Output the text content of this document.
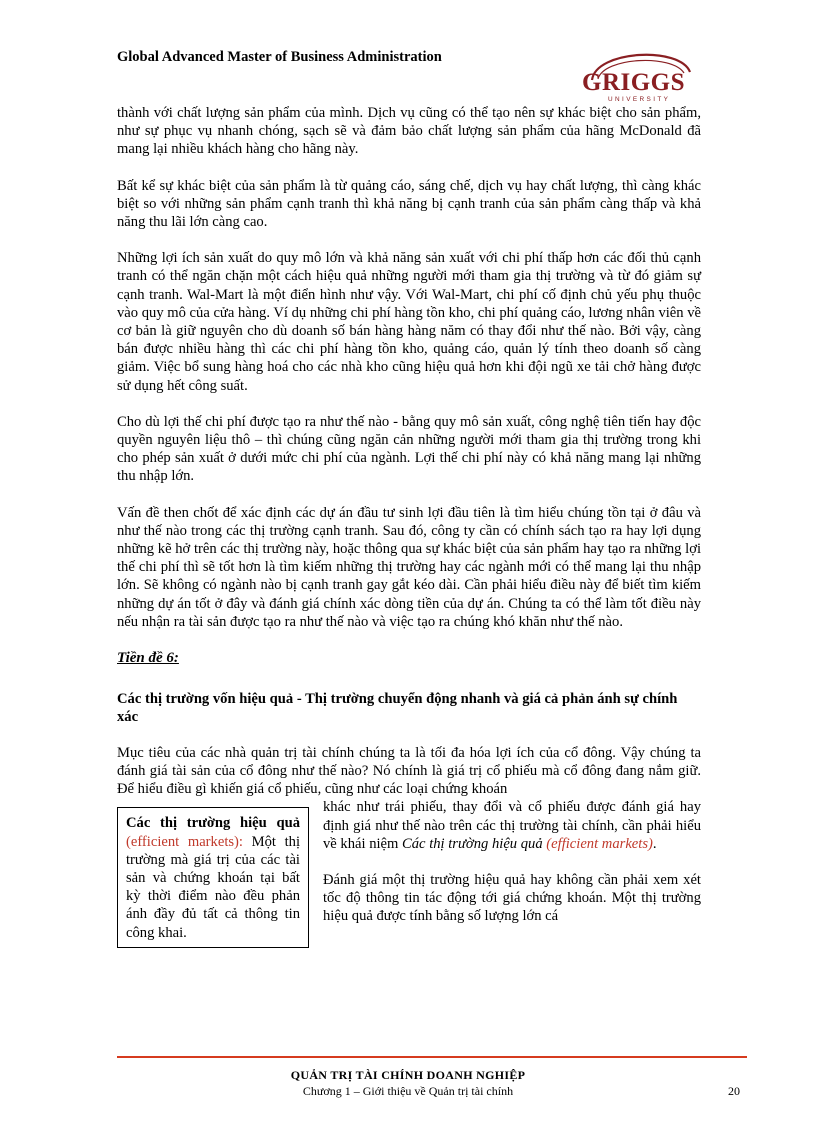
Global Advanced Master of Business Administration
GRIGGS
UNIVERSITY

thành với chất lượng sản phẩm của mình. Dịch vụ cũng có thể tạo nên sự khác biệt cho sản phẩm, như sự phục vụ nhanh chóng, sạch sẽ và đảm bảo chất lượng sản phẩm của hãng McDonald đã mang lại nhiều khách hàng cho hãng này.

Bất kể sự khác biệt của sản phẩm là từ quảng cáo, sáng chế, dịch vụ hay chất lượng, thì càng khác biệt so với những sản phẩm cạnh tranh thì khả năng bị cạnh tranh của sản phẩm càng thấp và khả năng thu lãi lớn càng cao.

Những lợi ích sản xuất do quy mô lớn và khả năng sản xuất với chi phí thấp hơn các đối thủ cạnh tranh có thể ngăn chặn một cách hiệu quả những người mới tham gia thị trường và từ đó giảm sự cạnh tranh. Wal-Mart là một điển hình như vậy. Với Wal-Mart, chi phí cố định chủ yếu phụ thuộc vào quy mô của cửa hàng. Ví dụ những chi phí hàng tồn kho, chi phí quảng cáo, lương nhân viên về cơ bản là giữ nguyên cho dù doanh số bán hàng hàng năm có thay đổi như thế nào. Bởi vậy, càng bán được nhiều hàng thì các chi phí hàng tồn kho, quảng cáo, quản lý tính theo doanh số càng giảm. Việc bổ sung hàng hoá cho các nhà kho cũng hiệu quả hơn khi đội ngũ xe tải chở hàng được sử dụng hết công suất.

Cho dù lợi thế chi phí được tạo ra như thế nào - bằng quy mô sản xuất, công nghệ tiên tiến hay độc quyền nguyên liệu thô – thì chúng cũng ngăn cản những người mới tham gia thị trường trong khi cho phép sản xuất ở dưới mức chi phí của ngành. Lợi thế chi phí này có khả năng mang lại những thu nhập lớn.

Vấn đề then chốt để xác định các dự án đầu tư sinh lợi đầu tiên là tìm hiểu chúng tồn tại ở đâu và như thế nào trong các thị trường cạnh tranh. Sau đó, công ty cần có chính sách tạo ra hay lợi dụng những kẽ hở trên các thị trường này, hoặc thông qua sự khác biệt của sản phẩm hay tạo ra những lợi thế chi phí thì sẽ tốt hơn là tìm kiếm những thị trường hay các ngành mới có thể mang lại thu nhập lớn. Sẽ không có ngành nào bị cạnh tranh gay gắt kéo dài. Cần phải hiểu điều này để biết tìm kiếm những dự án tốt ở đây và đánh giá chính xác dòng tiền của dự án. Chúng ta có thể làm tốt điều này nếu nhận ra tài sản được tạo ra như thế nào và việc tạo ra chúng khó khăn như thế nào.

Tiền đề 6:
Các thị trường vốn hiệu quả - Thị trường chuyển động nhanh và giá cả phản ánh sự chính xác

Mục tiêu của các nhà quản trị tài chính chúng ta là tối đa hóa lợi ích của cổ đông. Vậy chúng ta đánh giá tài sản của cổ đông như thế nào? Nó chính là giá trị cổ phiếu mà cổ đông đang nắm giữ. Để hiểu điều gì khiến giá cổ phiếu, cũng như các loại chứng khoán

Các thị trường hiệu quả (efficient markets): Một thị trường mà giá trị của các tài sản và chứng khoán tại bất kỳ thời điểm nào đều phản ánh đầy đủ tất cả thông tin công khai.

khác như trái phiếu, thay đổi và cổ phiếu được đánh giá hay định giá như thế nào trên các thị trường tài chính, cần phải hiểu về khái niệm Các thị trường hiệu quả (efficient markets).

Đánh giá một thị trường hiệu quả hay không cần phải xem xét tốc độ thông tin tác động tới giá chứng khoán. Một thị trường hiệu quả được tính bằng số lượng lớn cá

QUẢN TRỊ TÀI CHÍNH DOANH NGHIỆP
Chương 1 – Giới thiệu về Quản trị tài chính	20
